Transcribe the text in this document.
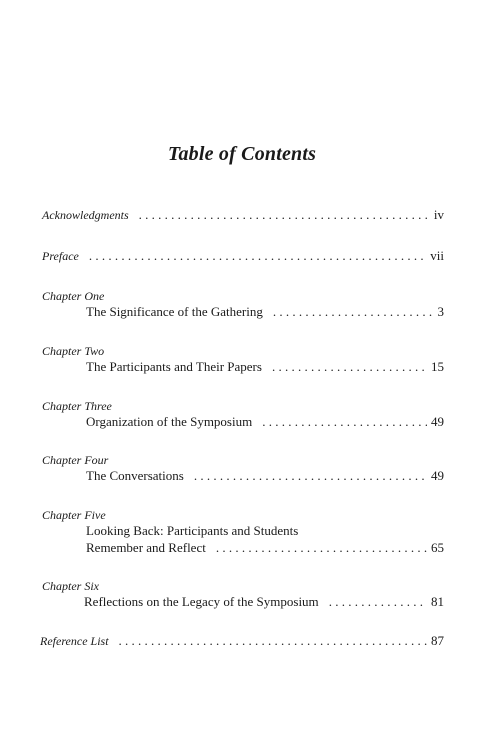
Table of Contents
Acknowledgments . . .	iv
Preface . . .	vii
Chapter One
The Significance of the Gathering . . .	3
Chapter Two
The Participants and Their Papers . . .	15
Chapter Three
Organization of the Symposium . . .	49
Chapter Four
The Conversations . . .	49
Chapter Five
Looking Back: Participants and Students
Remember and Reflect . . .	65
Chapter Six
Reflections on the Legacy of the Symposium . . .	81
Reference List . . .	87
